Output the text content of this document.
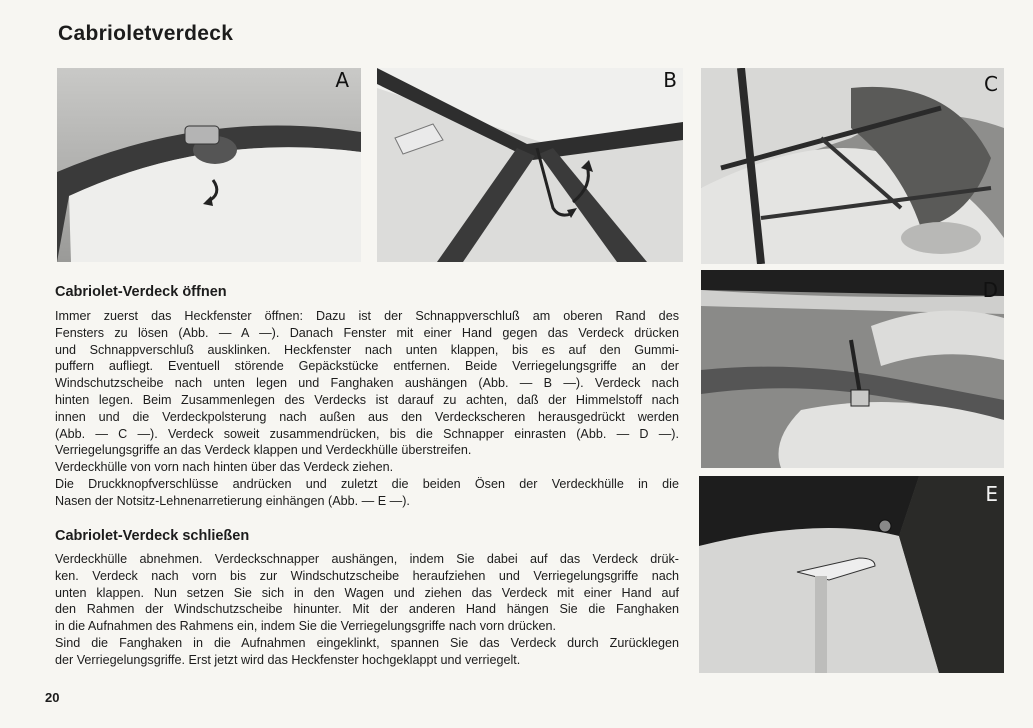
Cabrioletverdeck
A	B	C
D
E
Cabriolet-Verdeck öffnen
Immer zuerst das Heckfenster öffnen: Dazu ist der Schnappverschluß am oberen Rand des
Fensters zu lösen (Abb. — A —). Danach Fenster mit einer Hand gegen das Verdeck drücken
und Schnappverschluß ausklinken. Heckfenster nach unten klappen, bis es auf den Gummi-
puffern aufliegt. Eventuell störende Gepäckstücke entfernen. Beide Verriegelungsgriffe an der
Windschutzscheibe nach unten legen und Fanghaken aushängen (Abb. — B —). Verdeck nach
hinten legen. Beim Zusammenlegen des Verdecks ist darauf zu achten, daß der Himmelstoff nach
innen und die Verdeckpolsterung nach außen aus den Verdeckscheren herausgedrückt werden
(Abb. — C —). Verdeck soweit zusammendrücken, bis die Schnapper einrasten (Abb. — D —).
Verriegelungsgriffe an das Verdeck klappen und Verdeckhülle überstreifen.
Verdeckhülle von vorn nach hinten über das Verdeck ziehen.
Die Druckknopfverschlüsse andrücken und zuletzt die beiden Ösen der Verdeckhülle in die
Nasen der Notsitz-Lehnenarretierung einhängen (Abb. — E —).
Cabriolet-Verdeck schließen
Verdeckhülle abnehmen. Verdeckschnapper aushängen, indem Sie dabei auf das Verdeck drük-
ken. Verdeck nach vorn bis zur Windschutzscheibe heraufziehen und Verriegelungsgriffe nach
unten klappen. Nun setzen Sie sich in den Wagen und ziehen das Verdeck mit einer Hand auf
den Rahmen der Windschutzscheibe hinunter. Mit der anderen Hand hängen Sie die Fanghaken
in die Aufnahmen des Rahmens ein, indem Sie die Verriegelungsgriffe nach vorn drücken.
Sind die Fanghaken in die Aufnahmen eingeklinkt, spannen Sie das Verdeck durch Zurücklegen
der Verriegelungsgriffe. Erst jetzt wird das Heckfenster hochgeklappt und verriegelt.
20
